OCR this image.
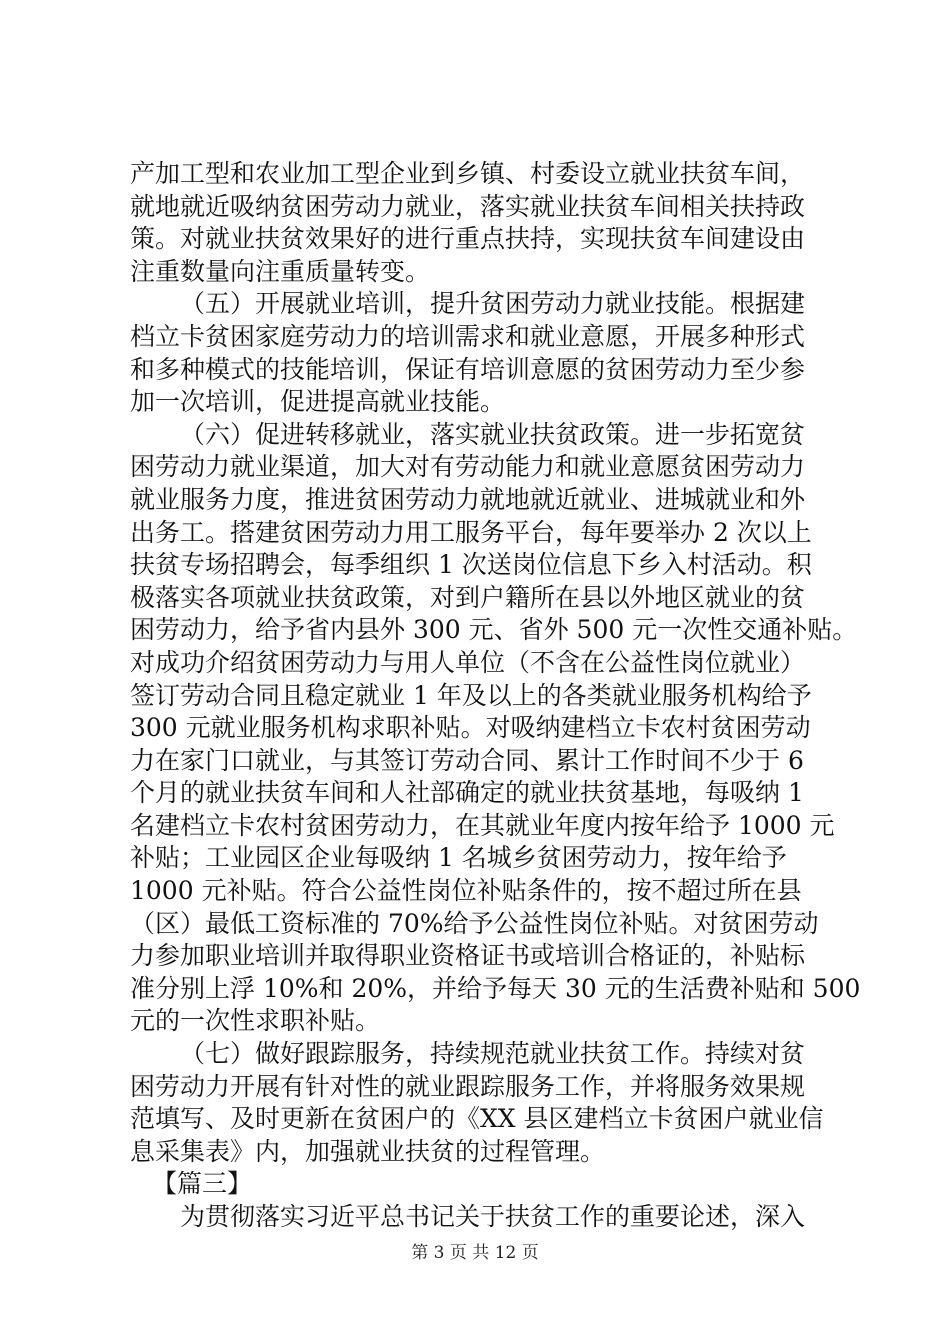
产加工型和农业加工型企业到乡镇、村委设立就业扶贫车间，
就地就近吸纳贫困劳动力就业，落实就业扶贫车间相关扶持政
策。对就业扶贫效果好的进行重点扶持，实现扶贫车间建设由
注重数量向注重质量转变。
（五）开展就业培训，提升贫困劳动力就业技能。根据建
档立卡贫困家庭劳动力的培训需求和就业意愿，开展多种形式
和多种模式的技能培训，保证有培训意愿的贫困劳动力至少参
加一次培训，促进提高就业技能。
（六）促进转移就业，落实就业扶贫政策。进一步拓宽贫
困劳动力就业渠道，加大对有劳动能力和就业意愿贫困劳动力
就业服务力度，推进贫困劳动力就地就近就业、进城就业和外
出务工。搭建贫困劳动力用工服务平台，每年要举办 2 次以上
扶贫专场招聘会，每季组织 1 次送岗位信息下乡入村活动。积
极落实各项就业扶贫政策，对到户籍所在县以外地区就业的贫
困劳动力，给予省内县外 300 元、省外 500 元一次性交通补贴。
对成功介绍贫困劳动力与用人单位（不含在公益性岗位就业）
签订劳动合同且稳定就业 1 年及以上的各类就业服务机构给予
300 元就业服务机构求职补贴。对吸纳建档立卡农村贫困劳动
力在家门口就业，与其签订劳动合同、累计工作时间不少于 6
个月的就业扶贫车间和人社部确定的就业扶贫基地，每吸纳 1
名建档立卡农村贫困劳动力，在其就业年度内按年给予 1000 元
补贴；工业园区企业每吸纳 1 名城乡贫困劳动力，按年给予
1000 元补贴。符合公益性岗位补贴条件的，按不超过所在县
（区）最低工资标准的 70%给予公益性岗位补贴。对贫困劳动
力参加职业培训并取得职业资格证书或培训合格证的，补贴标
准分别上浮 10%和 20%，并给予每天 30 元的生活费补贴和 500
元的一次性求职补贴。
（七）做好跟踪服务，持续规范就业扶贫工作。持续对贫
困劳动力开展有针对性的就业跟踪服务工作，并将服务效果规
范填写、及时更新在贫困户的《XX 县区建档立卡贫困户就业信
息采集表》内，加强就业扶贫的过程管理。
【篇三】
为贯彻落实习近平总书记关于扶贫工作的重要论述，深入
第 3 页 共 12 页
